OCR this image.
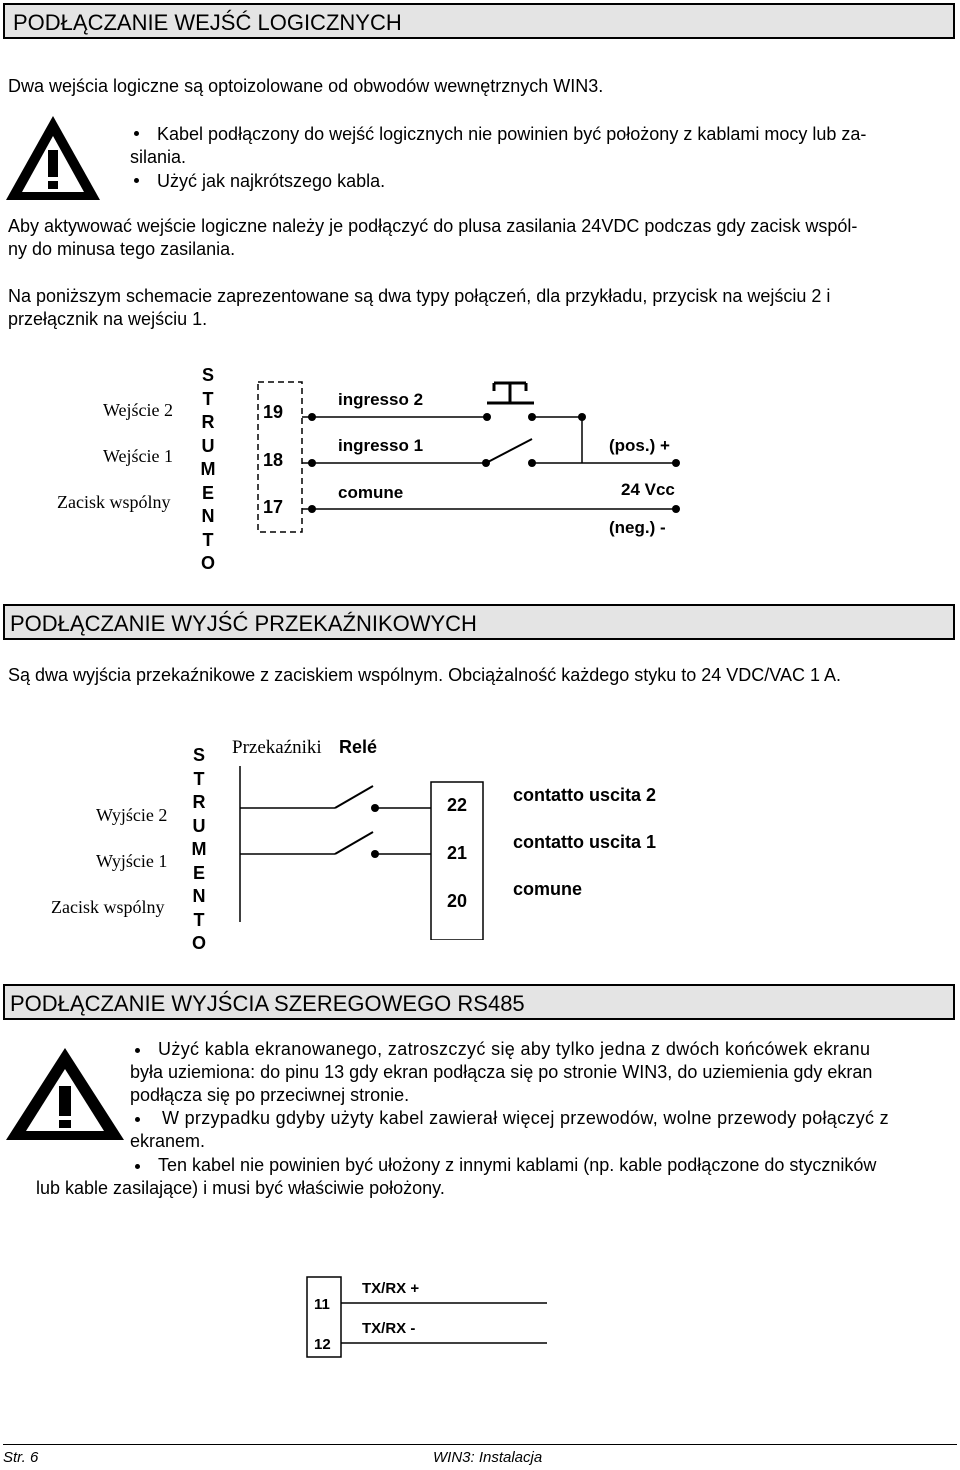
PODŁĄCZANIE WEJŚĆ LOGICZNYCH
Dwa wejścia logiczne są optoizolowane od obwodów wewnętrznych WIN3.
Kabel podłączony do wejść logicznych nie powinien być położony z kablami mocy lub za-
silania.
Użyć jak najkrótszego kabla.
Aby aktywować wejście logiczne należy je podłączyć do plusa zasilania 24VDC podczas gdy zacisk wspól-
ny do minusa tego zasilania.
Na poniższym schemacie zaprezentowane są dwa typy połączeń, dla przykładu, przycisk na wejściu 2 i
przełącznik na wejściu 1.
Wejście 2
Wejście 1
Zacisk wspólny
S
T
R
U
M
E
N
T
O
19
18
17
ingresso 2
ingresso 1
comune
(pos.) +
24 Vcc
(neg.) -
PODŁĄCZANIE WYJŚĆ PRZEKAŹNIKOWYCH
Są dwa wyjścia przekaźnikowe z zaciskiem wspólnym. Obciążalność każdego styku to 24 VDC/VAC 1 A.
Przekaźniki Relé
Wyjście 2
Wyjście 1
Zacisk wspólny
S
T
R
U
M
E
N
T
O
22
21
20
contatto uscita 2
contatto uscita 1
comune
PODŁĄCZANIE WYJŚCIA SZEREGOWEGO RS485
Użyć kabla ekranowanego, zatroszczyć się aby tylko jedna z dwóch końcówek ekranu
była uziemiona: do pinu 13 gdy ekran podłącza się po stronie WIN3, do uziemienia gdy ekran
podłącza się po przeciwnej stronie.
W przypadku gdyby użyty kabel zawierał więcej przewodów, wolne przewody połączyć z
ekranem.
Ten kabel nie powinien być ułożony z innymi kablami (np. kable podłączone do styczników
lub kable zasilające) i musi być właściwie położony.
11
12
TX/RX +
TX/RX -
Str. 6	WIN3: Instalacja
